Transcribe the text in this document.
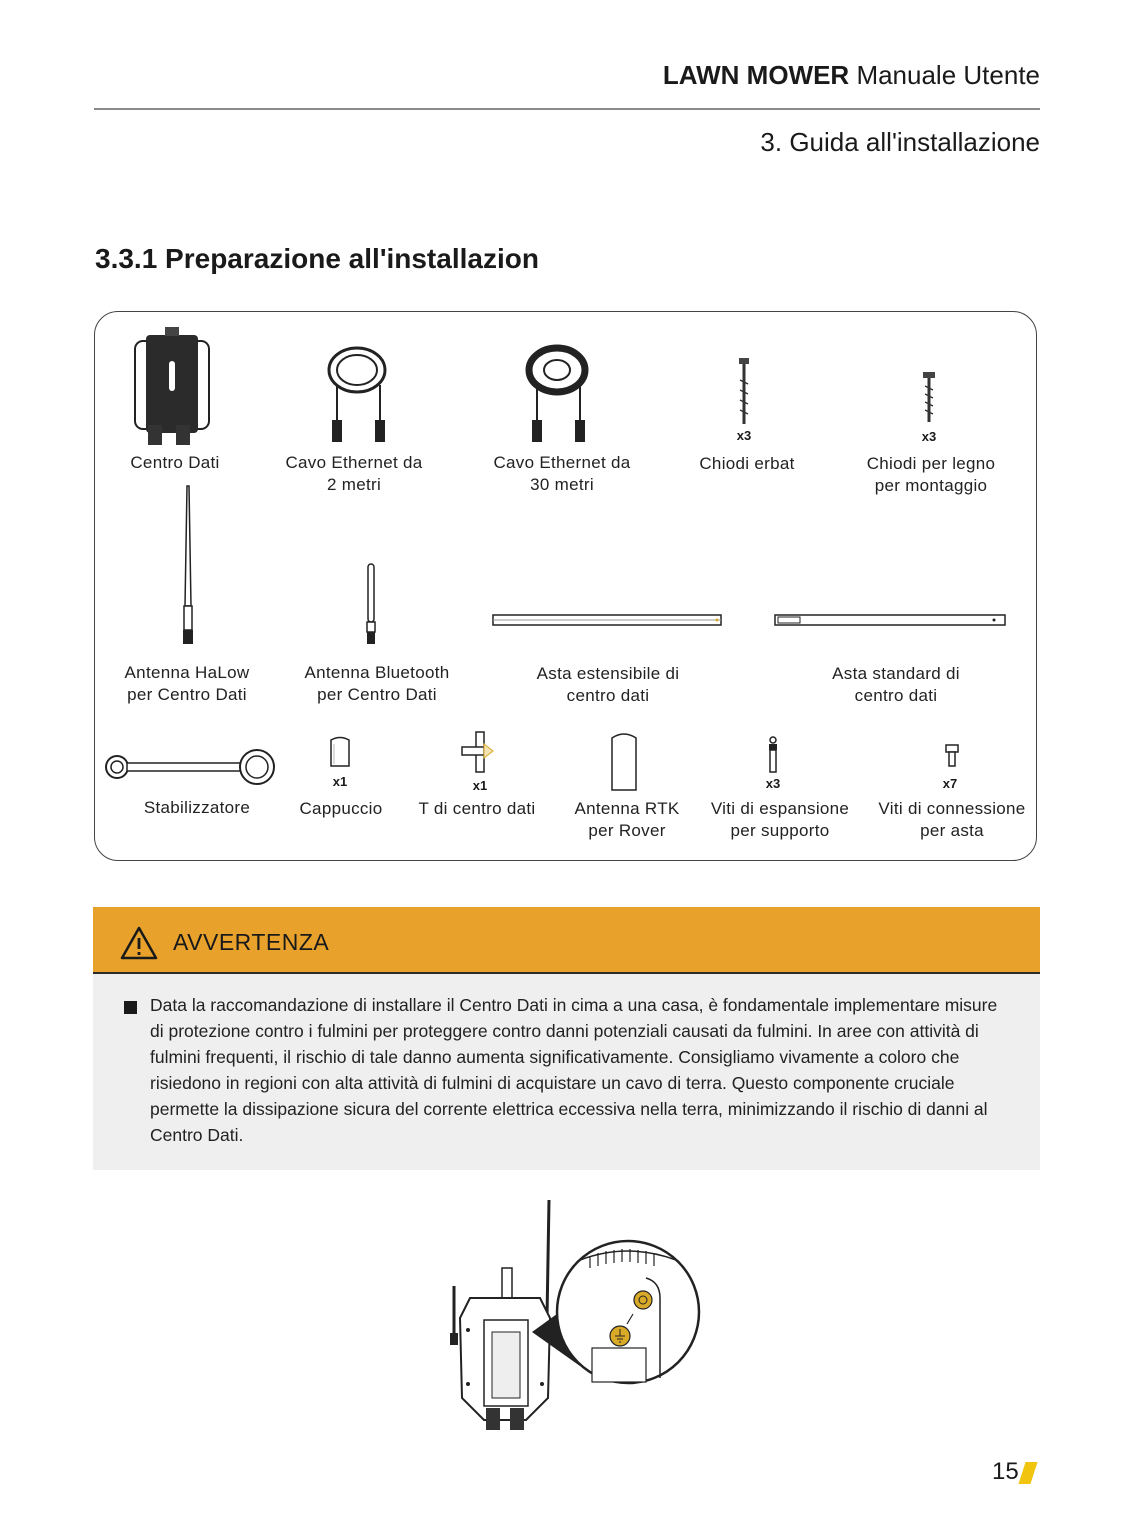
LAWN MOWER Manuale Utente
3. Guida all'installazione
3.3.1 Preparazione all'installazion
x3	x3
Centro Dati	Cavo Ethernet da
2 metri
Cavo Ethernet da
30 metri
Chiodi erbat	Chiodi per legno
per montaggio
Antenna HaLow
per Centro Dati
Antenna Bluetooth
per Centro Dati
Asta estensibile di
centro dati
Asta standard di
centro dati
x1	x1	x3	x7
Stabilizzatore	Cappuccio	T di centro dati	Antenna RTK
per Rover
Viti di espansione
per supporto
Viti di connessione
per asta
AVVERTENZA
Data la raccomandazione di installare il Centro Dati in cima a una casa, è fondamentale implementare misure di protezione contro i fulmini per proteggere contro danni potenziali causati da fulmini. In aree con attività di fulmini frequenti, il rischio di tale danno aumenta significativamente. Consigliamo vivamente a coloro che risiedono in regioni con alta attività di fulmini di acquistare un cavo di terra. Questo componente cruciale permette la dissipazione sicura del corrente elettrica eccessiva nella terra, minimizzando il rischio di danni al Centro Dati.
15
